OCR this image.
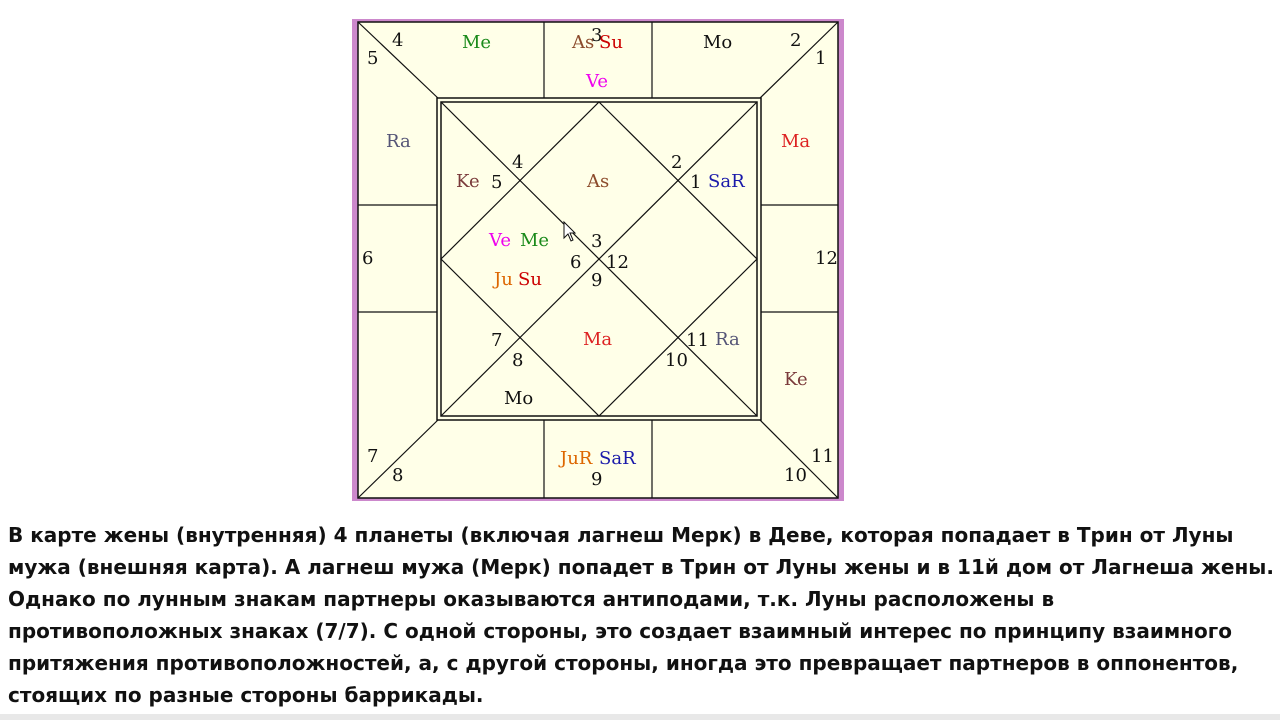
3
4
5
2
1
6	12
7
8	9
11
10
Me	As Su
Ve
Mo
Ra	Ma
Ke
JuR SaR
4
5
2
1
3
6 12
9
7
8
11
10
Ke	As	SaR
Ve Me
Ju Su
Ma	Ra
Mo
В карте жены (внутренняя) 4 планеты (включая лагнеш Мерк) в Деве, которая попадает в Трин от Луны
мужа (внешняя карта). А лагнеш мужа (Мерк) попадет в Трин от Луны жены и в 11й дом от Лагнеша жены.
Однако по лунным знакам партнеры оказываются антиподами, т.к. Луны расположены в
противоположных знаках (7/7). С одной стороны, это создает взаимный интерес по принципу взаимного
притяжения противоположностей, а, с другой стороны, иногда это превращает партнеров в оппонентов,
стоящих по разные стороны баррикады.
